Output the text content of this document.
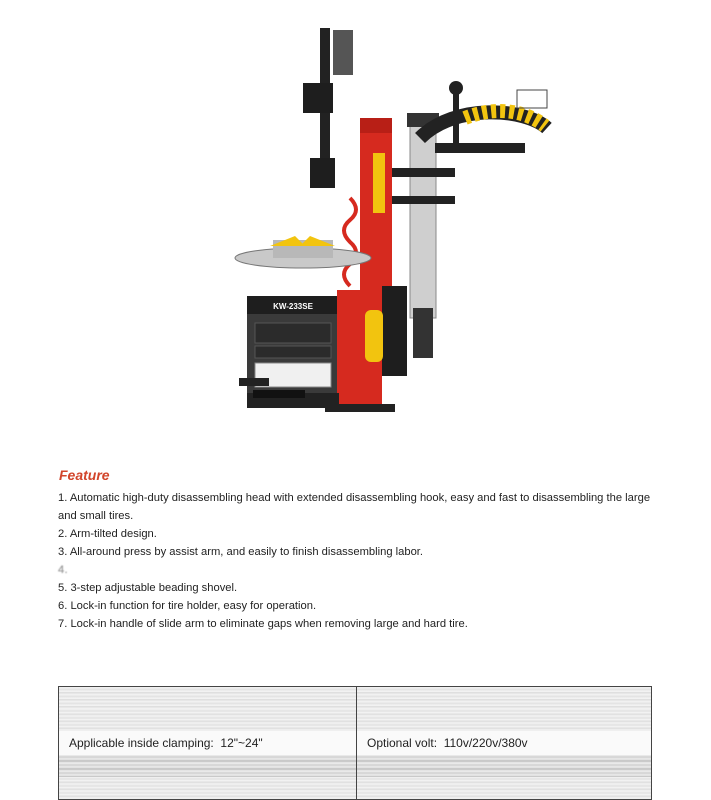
KW-233SE
Feature
1. Automatic high-duty disassembling head with extended disassembling hook, easy and fast to disassembling the large and small tires.
2. Arm-tilted design.
3. All-around press by assist arm, and easily to finish disassembling labor.
4.
5. 3-step adjustable beading shovel.
6. Lock-in function for tire holder, easy for operation.
7. Lock-in handle of slide arm to eliminate gaps when removing large and hard tire.

Applicable inside clamping: 12"~24"	Optional volt: 110v/220v/380v
